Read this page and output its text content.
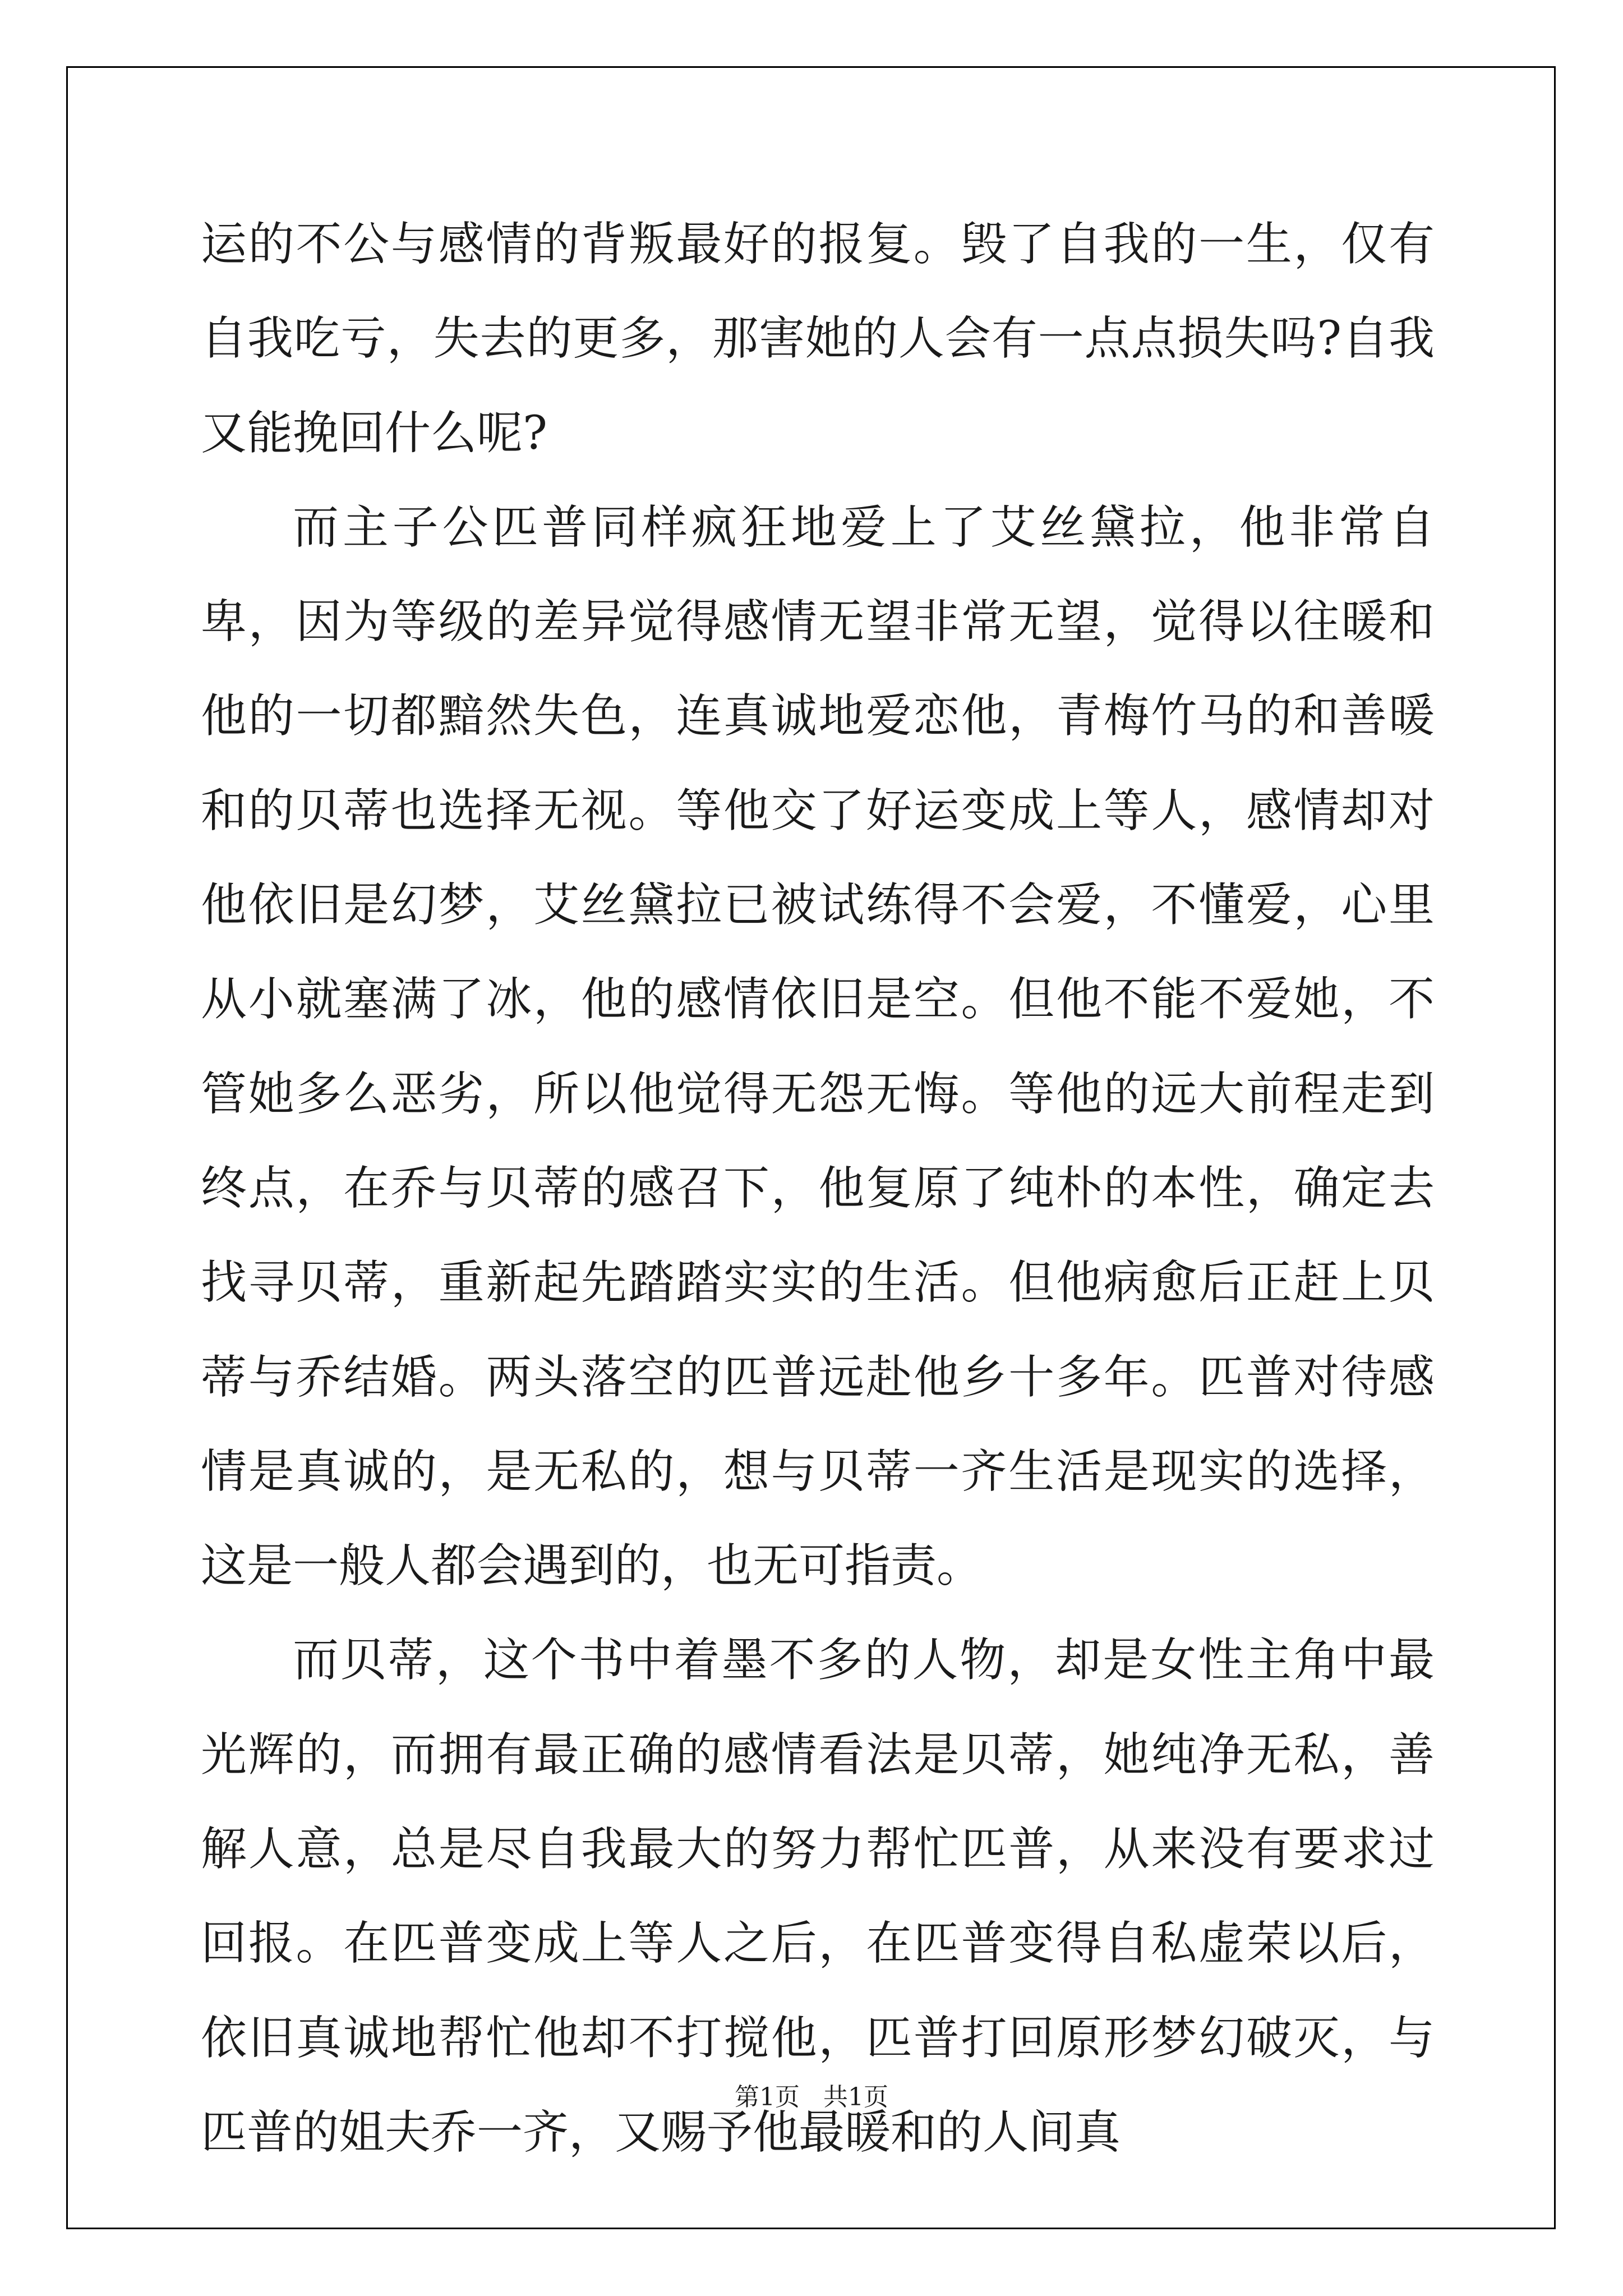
运的不公与感情的背叛最好的报复。毁了自我的一生，仅有自我吃亏，失去的更多，那害她的人会有一点点损失吗?自我又能挽回什么呢?

而主子公匹普同样疯狂地爱上了艾丝黛拉，他非常自卑，因为等级的差异觉得感情无望非常无望，觉得以往暖和他的一切都黯然失色，连真诚地爱恋他，青梅竹马的和善暖和的贝蒂也选择无视。等他交了好运变成上等人，感情却对他依旧是幻梦，艾丝黛拉已被试练得不会爱，不懂爱，心里从小就塞满了冰，他的感情依旧是空。但他不能不爱她，不管她多么恶劣，所以他觉得无怨无悔。等他的远大前程走到终点，在乔与贝蒂的感召下，他复原了纯朴的本性，确定去找寻贝蒂，重新起先踏踏实实的生活。但他病愈后正赶上贝蒂与乔结婚。两头落空的匹普远赴他乡十多年。匹普对待感情是真诚的，是无私的，想与贝蒂一齐生活是现实的选择，这是一般人都会遇到的，也无可指责。

而贝蒂，这个书中着墨不多的人物，却是女性主角中最光辉的，而拥有最正确的感情看法是贝蒂，她纯净无私，善解人意，总是尽自我最大的努力帮忙匹普，从来没有要求过回报。在匹普变成上等人之后，在匹普变得自私虚荣以后，依旧真诚地帮忙他却不打搅他，匹普打回原形梦幻破灭，与匹普的姐夫乔一齐，又赐予他最暖和的人间真

第1页 共1页
